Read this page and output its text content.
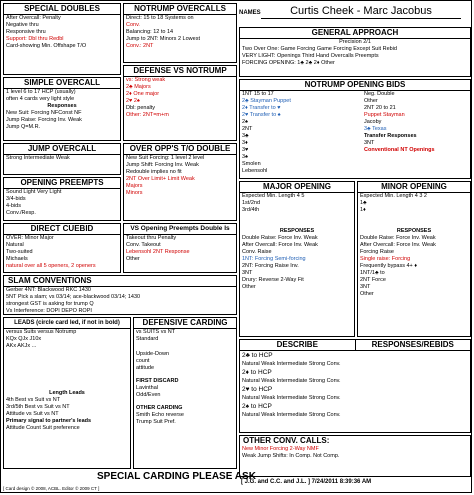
SPECIAL DOUBLES
After Overcall: Penalty
Negative thru
Responsive thru
Support: Dbl thru Redbl
Card-showing Min. Offshape T/O
SIMPLE OVERCALL
1 level 6 to 17 HCP (usually)
often 4 cards very light style
Responses
New Suit: Forcing NFConst NF
Jump Raise: Forcing Inv. Weak
Jump Q=M.R.
JUMP OVERCALL
Strong Intermediate Weak
OPENING PREEMPTS
Sound Light Very Light
3/4-bids
4-bids
Conv./Resp.
DIRECT CUEBID
OVER: Minor Major
Natural
Two-suited
Michaels
natural over all 5 openers, 2 openers
NOTRUMP OVERCALLS
Direct: 15 to 18 Systems on
Conv.
Balancing: 12 to 14
Jump to 2NT: Minors 2 Lowest
Conv.: 2NT
DEFENSE VS NOTRUMP
vs: Strong weak
2♣ Majors
2♦ One major
2♥ 2♠
Dbl: penalty
Other: 2NT=m+m
OVER OPP'S T/O DOUBLE
New Suit Forcing: 1 level 2 level
Jump Shift: Forcing Inv. Weak
Redouble implies no fit
2NT Over Limit+ Limit Weak
Majors
Minors
VS Opening Preempts Double Is
Takeout thru Penalty
Conv. Takeout
Lebensohl 2NT Response
Other
SLAM CONVENTIONS
Gerber 4NT: Blackwood RKC 1430
5NT Pick a slam; vs 03/14; ace-blackwood 03/14; 1430
strongest GST is asking for trump Q
Vs Interference: DOPI DEPO ROPI
LEADS (circle card led, if not in bold)
versus Suits versus Notrump
KQx QJx J10x
AKx AKJx ...
Length Leads
4th Best vs Suit vs NT
3rd/5th Best vs Suit vs NT
Attitude vs Suit vs NT
Primary signal to partner's leads
Attitude Count Suit preference
DEFENSIVE CARDING
vs SUITS vs NT
Standard
Upside-Down
count
attitude
FIRST DISCARD
Lavinthal
Odd/Even
OTHER CARDING
Smith Echo reverse
Trump Suit Pref.
NAMES	Curtis Cheek - Marc Jacobus
GENERAL APPROACH
Precision 2/1
Two Over One: Game Forcing Game Forcing Except Suit Rebid
VERY LIGHT: Openings Third Hand Overcalls Preempts
FORCING OPENING: 1♣ 2♣ 2♦ Other
NOTRUMP OPENING BIDS
1NT 15 to 17
2♣ Stayman Puppet
2♦ Transfer to ♥
2♥ Transfer to ♠
2♠
2NT
3♣
3♦
3♥
3♠
Smolen
Lebensohl
Neg. Double
Other
2NT 20 to 21
Puppet Stayman
Jacoby
3♣ Texas
Transfer Responses
3NT
Conventional NT Openings
MAJOR OPENING
Expected Min. Length 4 5
1st/2nd
3rd/4th
RESPONSES
Double Raise: Force Inv. Weak
After Overcall: Force Inv. Weak
Conv. Raise
1NT: Forcing Semi-forcing
2NT: Forcing Raise Inv.
3NT
Drury: Reverse 2-Way Fit
Other
MINOR OPENING
Expected Min. Length 4 3 2
1♣
1♦
RESPONSES
Double Raise: Force Inv. Weak
After Overcall: Force Inv. Weak
Forcing Raise
Single raise: Forcing
Frequently bypass 4+ ♦
1NT/1♣ to
2NT Force
3NT
Other
DESCRIBE	RESPONSES/REBIDS
2♣ to HCP
Natural Weak Intermediate Strong Conv.
2♦ to HCP
Natural Weak Intermediate Strong Conv.
2♥ to HCP
Natural Weak Intermediate Strong Conv.
2♠ to HCP
Natural Weak Intermediate Strong Conv.
OTHER CONV. CALLS:
New Minor Forcing 2-Way NMF
Weak Jump Shifts: In Comp. Not Comp.
SPECIAL CARDING PLEASE ASK
[ J.G. and C.C. and J.L. ] 7/24/2011 8:39:36 AM
[ Card design © 2008, ACBL. Editor © 2009 CT ]
